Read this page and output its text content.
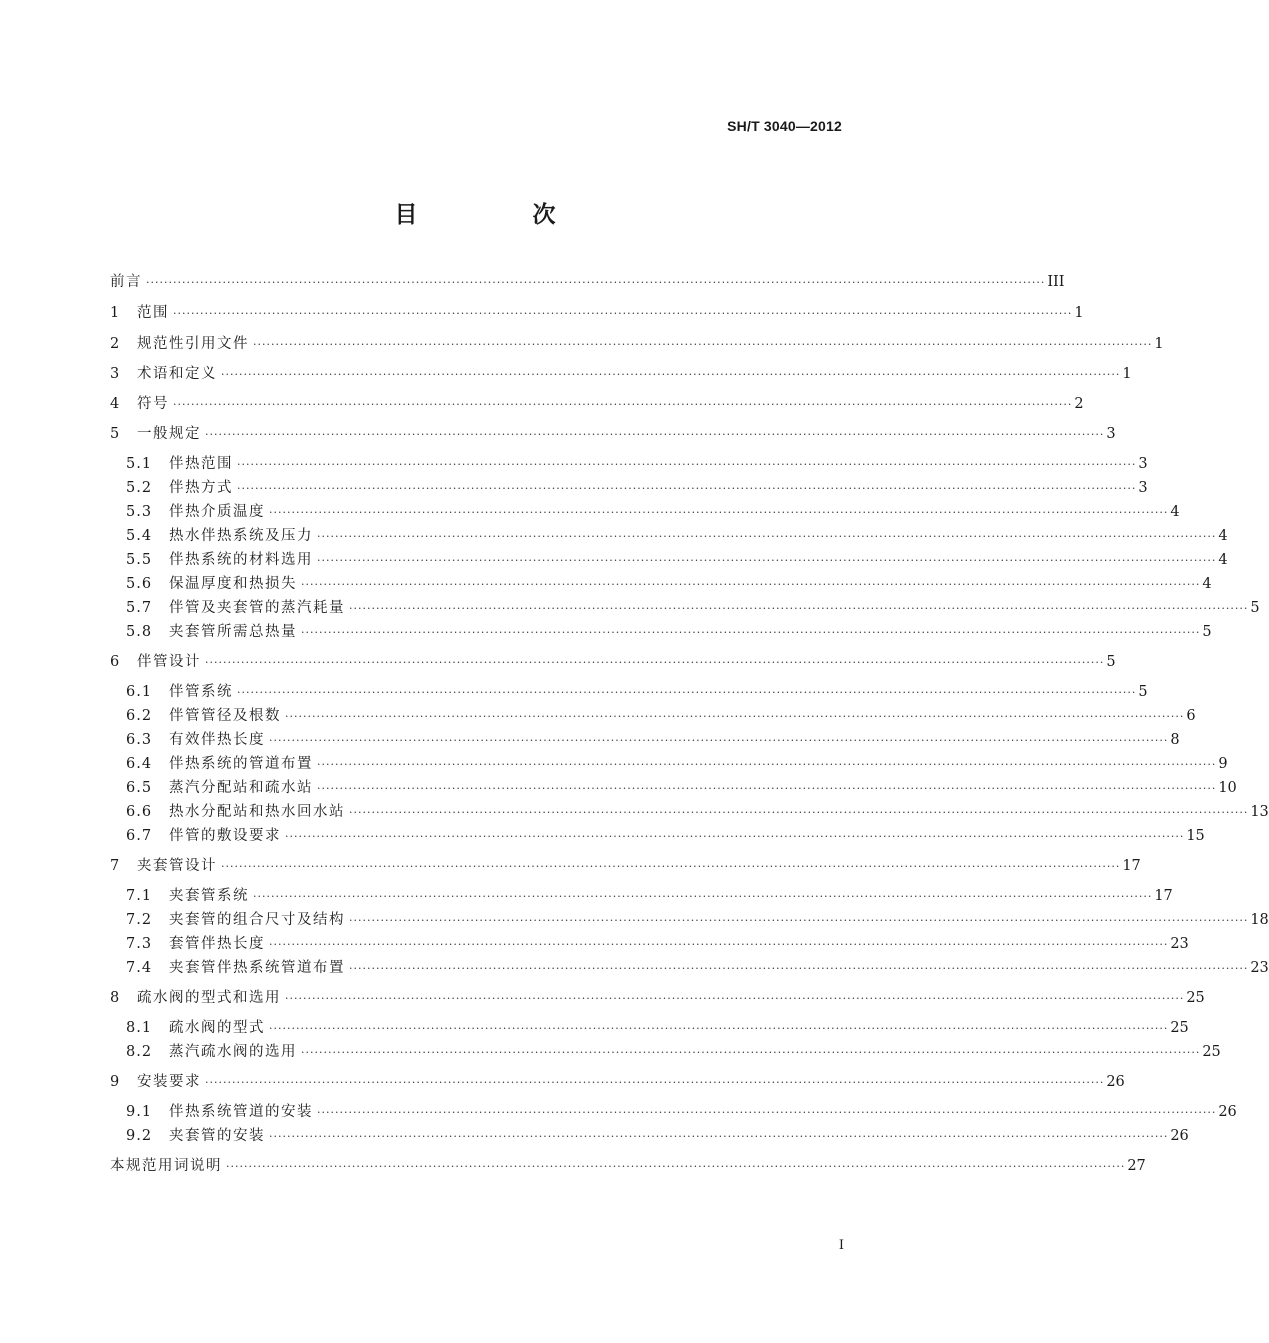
SH/T 3040—2012
目　次
前言 ········································································································································································································ III
1	范围 ········································································································································································································ 1
2	规范性引用文件 ········································································································································································································ 1
3	术语和定义 ········································································································································································································ 1
4	符号 ········································································································································································································ 2
5	一般规定 ········································································································································································································ 3
5.1	伴热范围 ········································································································································································································ 3
5.2	伴热方式 ········································································································································································································ 3
5.3	伴热介质温度 ········································································································································································································ 4
5.4	热水伴热系统及压力 ········································································································································································································ 4
5.5	伴热系统的材料选用 ········································································································································································································ 4
5.6	保温厚度和热损失 ········································································································································································································ 4
5.7	伴管及夹套管的蒸汽耗量 ········································································································································································································ 5
5.8	夹套管所需总热量 ········································································································································································································ 5
6	伴管设计 ········································································································································································································ 5
6.1	伴管系统 ········································································································································································································ 5
6.2	伴管管径及根数 ········································································································································································································ 6
6.3	有效伴热长度 ········································································································································································································ 8
6.4	伴热系统的管道布置 ········································································································································································································ 9
6.5	蒸汽分配站和疏水站 ········································································································································································································ 10
6.6	热水分配站和热水回水站 ········································································································································································································ 13
6.7	伴管的敷设要求 ········································································································································································································ 15
7	夹套管设计 ········································································································································································································ 17
7.1	夹套管系统 ········································································································································································································ 17
7.2	夹套管的组合尺寸及结构 ········································································································································································································ 18
7.3	套管伴热长度 ········································································································································································································ 23
7.4	夹套管伴热系统管道布置 ········································································································································································································ 23
8	疏水阀的型式和选用 ········································································································································································································ 25
8.1	疏水阀的型式 ········································································································································································································ 25
8.2	蒸汽疏水阀的选用 ········································································································································································································ 25
9	安装要求 ········································································································································································································ 26
9.1	伴热系统管道的安装 ········································································································································································································ 26
9.2	夹套管的安装 ········································································································································································································ 26
本规范用词说明 ········································································································································································································ 27
I
